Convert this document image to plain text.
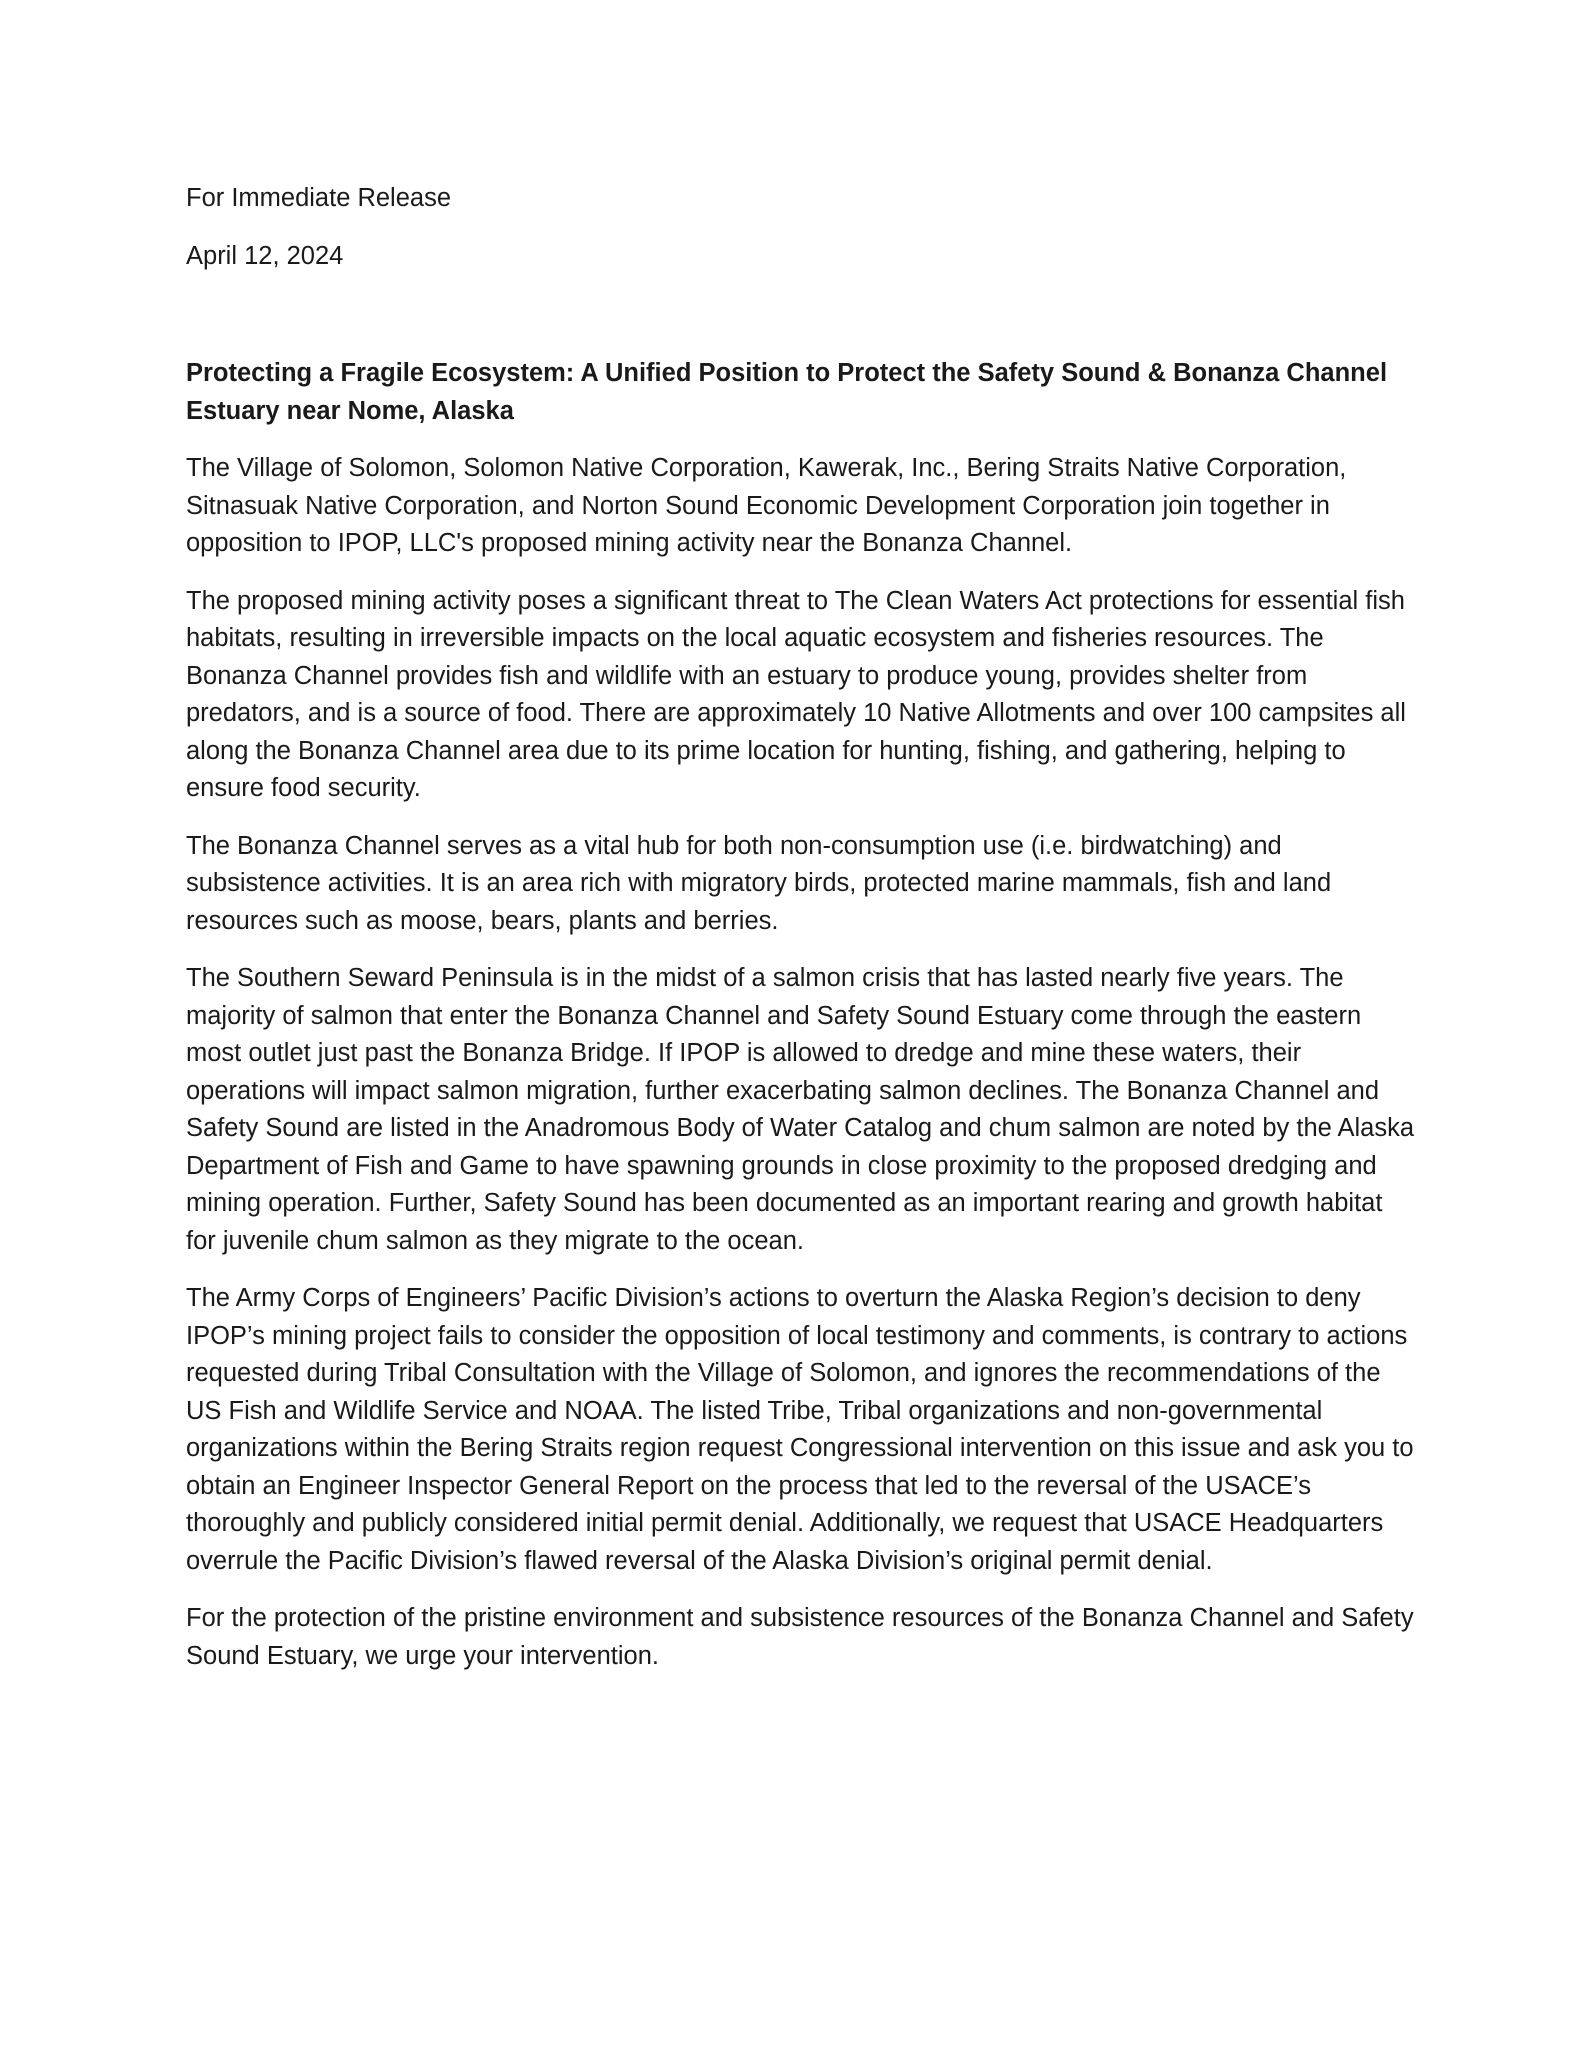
For Immediate Release

April 12, 2024

Protecting a Fragile Ecosystem: A Unified Position to Protect the Safety Sound & Bonanza Channel Estuary near Nome, Alaska

The Village of Solomon, Solomon Native Corporation, Kawerak, Inc., Bering Straits Native Corporation, Sitnasuak Native Corporation, and Norton Sound Economic Development Corporation join together in opposition to IPOP, LLC's proposed mining activity near the Bonanza Channel.

The proposed mining activity poses a significant threat to The Clean Waters Act protections for essential fish habitats, resulting in irreversible impacts on the local aquatic ecosystem and fisheries resources. The Bonanza Channel provides fish and wildlife with an estuary to produce young, provides shelter from predators, and is a source of food. There are approximately 10 Native Allotments and over 100 campsites all along the Bonanza Channel area due to its prime location for hunting, fishing, and gathering, helping to ensure food security.

The Bonanza Channel serves as a vital hub for both non-consumption use (i.e. birdwatching) and subsistence activities. It is an area rich with migratory birds, protected marine mammals, fish and land resources such as moose, bears, plants and berries.

The Southern Seward Peninsula is in the midst of a salmon crisis that has lasted nearly five years. The majority of salmon that enter the Bonanza Channel and Safety Sound Estuary come through the eastern most outlet just past the Bonanza Bridge. If IPOP is allowed to dredge and mine these waters, their operations will impact salmon migration, further exacerbating salmon declines. The Bonanza Channel and Safety Sound are listed in the Anadromous Body of Water Catalog and chum salmon are noted by the Alaska Department of Fish and Game to have spawning grounds in close proximity to the proposed dredging and mining operation. Further, Safety Sound has been documented as an important rearing and growth habitat for juvenile chum salmon as they migrate to the ocean.

The Army Corps of Engineers’ Pacific Division’s actions to overturn the Alaska Region’s decision to deny IPOP’s mining project fails to consider the opposition of local testimony and comments, is contrary to actions requested during Tribal Consultation with the Village of Solomon, and ignores the recommendations of the US Fish and Wildlife Service and NOAA. The listed Tribe, Tribal organizations and non-governmental organizations within the Bering Straits region request Congressional intervention on this issue and ask you to obtain an Engineer Inspector General Report on the process that led to the reversal of the USACE’s thoroughly and publicly considered initial permit denial. Additionally, we request that USACE Headquarters overrule the Pacific Division’s flawed reversal of the Alaska Division’s original permit denial.

For the protection of the pristine environment and subsistence resources of the Bonanza Channel and Safety Sound Estuary, we urge your intervention.
